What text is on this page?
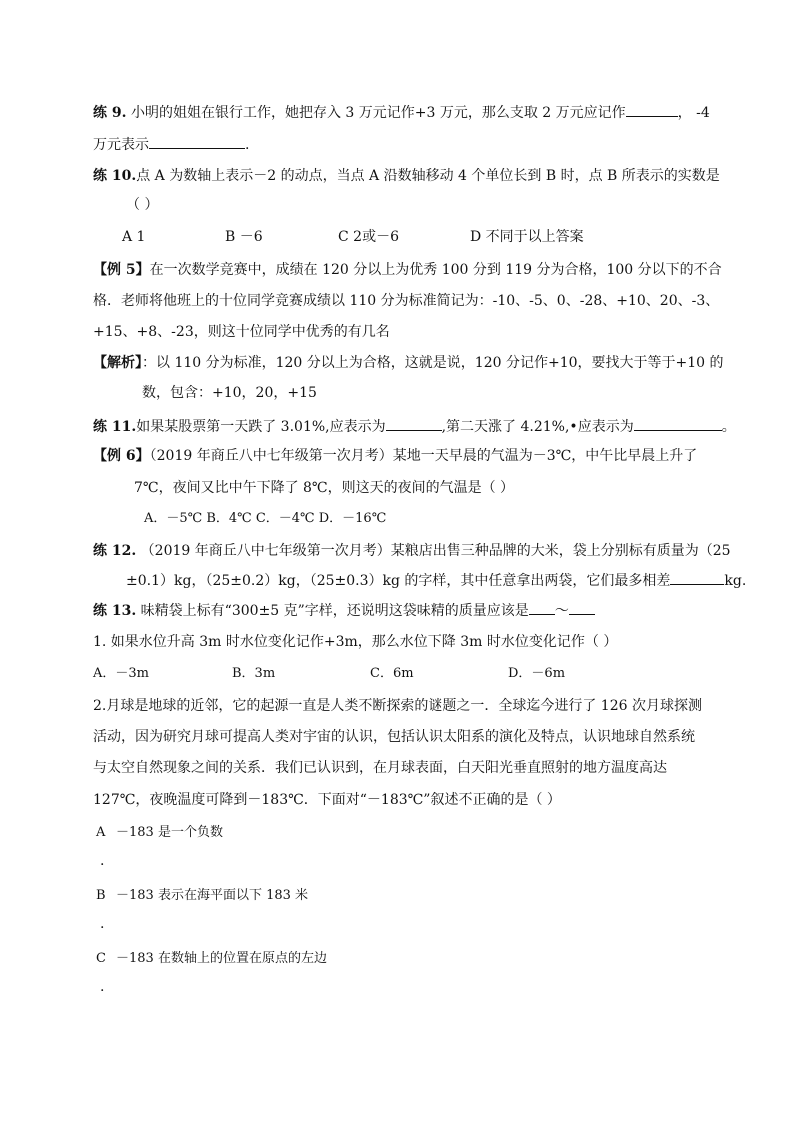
练 9. 小明的姐姐在银行工作，她把存入 3 万元记作+3 万元，那么支取 2 万元应记作	， -4
万元表示	.
练 10.点 A 为数轴上表示－2 的动点，当点 A 沿数轴移动 4 个单位长到 B 时，点 B 所表示的实数是
（ ）
A 1	B －6	C 2或－6	D 不同于以上答案
【例 5】在一次数学竞赛中，成绩在 120 分以上为优秀 100 分到 119 分为合格，100 分以下的不合
格．老师将他班上的十位同学竞赛成绩以 110 分为标准简记为：-10、-5、0、-28、+10、20、-3、
+15、+8、-23，则这十位同学中优秀的有几名
【解析】：以 110 分为标准，120 分以上为合格，这就是说，120 分记作+10，要找大于等于+10 的
数，包含：+10，20，+15
练 11.如果某股票第一天跌了 3.01%,应表示为	,第二天涨了 4.21%,•应表示为	。
【例 6】（2019 年商丘八中七年级第一次月考）某地一天早晨的气温为－3℃，中午比早晨上升了
7℃，夜间又比中午下降了 8℃，则这天的夜间的气温是（ ）
A．－5℃ B．4℃ C．－4℃ D．－16℃
练 12. （2019 年商丘八中七年级第一次月考）某粮店出售三种品牌的大米，袋上分别标有质量为（25
±0.1）kg，（25±0.2）kg，（25±0.3）kg 的字样，其中任意拿出两袋，它们最多相差	kg.
练 13. 味精袋上标有“300±5 克”字样，还说明这袋味精的质量应该是 ～
1. 如果水位升高 3m 时水位变化记作+3m，那么水位下降 3m 时水位变化记作（ ）
A．－3m	B．3m	C．6m	D．－6m
2.月球是地球的近邻，它的起源一直是人类不断探索的谜题之一．全球迄今进行了 126 次月球探测
活动，因为研究月球可提高人类对宇宙的认识，包括认识太阳系的演化及特点，认识地球自然系统
与太空自然现象之间的关系．我们已认识到，在月球表面，白天阳光垂直照射的地方温度高达
127℃，夜晚温度可降到－183℃．下面对“－183℃”叙述不正确的是（ ）
A －183 是一个负数
.
B －183 表示在海平面以下 183 米
.
C －183 在数轴上的位置在原点的左边
.
